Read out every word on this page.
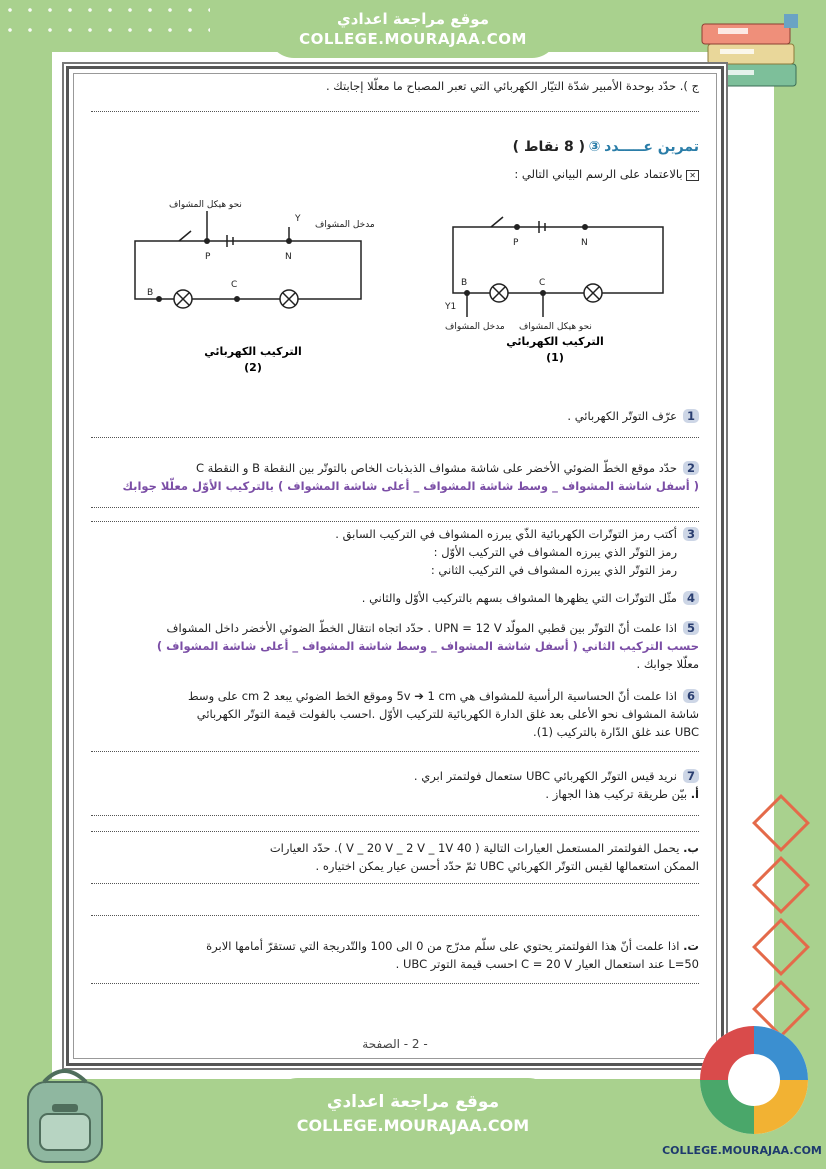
موقع مراجعة اعدادي
COLLEGE.MOURAJAA.COM
ج ). حدّد بوحدة الأمبير شدّة التيّار الكهربائي التي تعبر المصباح ما معلّلا إجابتك .
تمرين عـــــدد ③ ( 8 نقاط )
✕ بالاعتماد على الرسم البياني التالي :
P	N
B
C
نحو هيكل المشواف
مدخل المشواف
Y
P	N
B	C
Y1
مدخل المشواف نحو هيكل المشواف
التركيب الكهربائي
(2)
التركيب الكهربائي
(1)
1عرّف التوتّر الكهربائي .
2حدّد موقع الخطّ الضوئي الأخضر على شاشة مشواف الذبذبات الخاص بالتوتّر بين النقطة B و النقطة C
( أسفل شاشة المشواف _ وسط شاشة المشواف _ أعلى شاشة المشواف ) بالتركيب الأوّل معلّلا جوابك
3أكتب رمز التوتّرات الكهربائية الذّي يبرزه المشواف في التركيب السابق .
رمز التوتّر الذي يبرزه المشواف في التركيب الأوّل :
رمز التوتّر الذي يبرزه المشواف في التركيب الثاني :
4مثّل التوتّرات التي يظهرها المشواف بسهم بالتركيب الأوّل والثاني .
5اذا علمت أنّ التوتّر بين قطبي المولّد UPN = 12 V . حدّد اتجاه انتقال الخطّ الضوئي الأخضر داخل المشواف
حسب التركيب الثاني ( أسفل شاشة المشواف _ وسط شاشة المشواف _ أعلى شاشة المشواف )
معلّلا جوابك .
6اذا علمت أنّ الحساسية الرأسية للمشواف هي 5v ➔ 1 cm وموقع الخط الضوئي يبعد 2 cm على وسط
شاشة المشواف نحو الأعلى بعد غلق الدارة الكهربائية للتركيب الأوّل .احسب بالفولت قيمة التوتّر الكهربائي
UBC عند غلق الدّارة بالتركيب (1).
7نريد قيس التوتّر الكهربائي UBC ستعمال فولتمتر ابري .
أ. بيّن طريقة تركيب هذا الجهاز .
ب. يحمل الفولتمتر المستعمل العيارات التالية ( 40 V _ 20 V _ 2 V _ 1V ). حدّد العيارات
الممكن استعمالها لقيس التوتّر الكهربائي UBC ثمّ حدّد أحسن عيار يمكن اختياره .
ت. اذا علمت أنّ هذا الفولتمتر يحتوي على سلّم مدرّج من 0 الى 100 والتّدريجة التي تستقرّ أمامها الابرة
L=50 عند استعمال العيار C = 20 V احسب قيمة التوتر UBC .
- 2 - الصفحة
موقع مراجعة اعدادي
COLLEGE.MOURAJAA.COM
COLLEGE.MOURAJAA.COM
